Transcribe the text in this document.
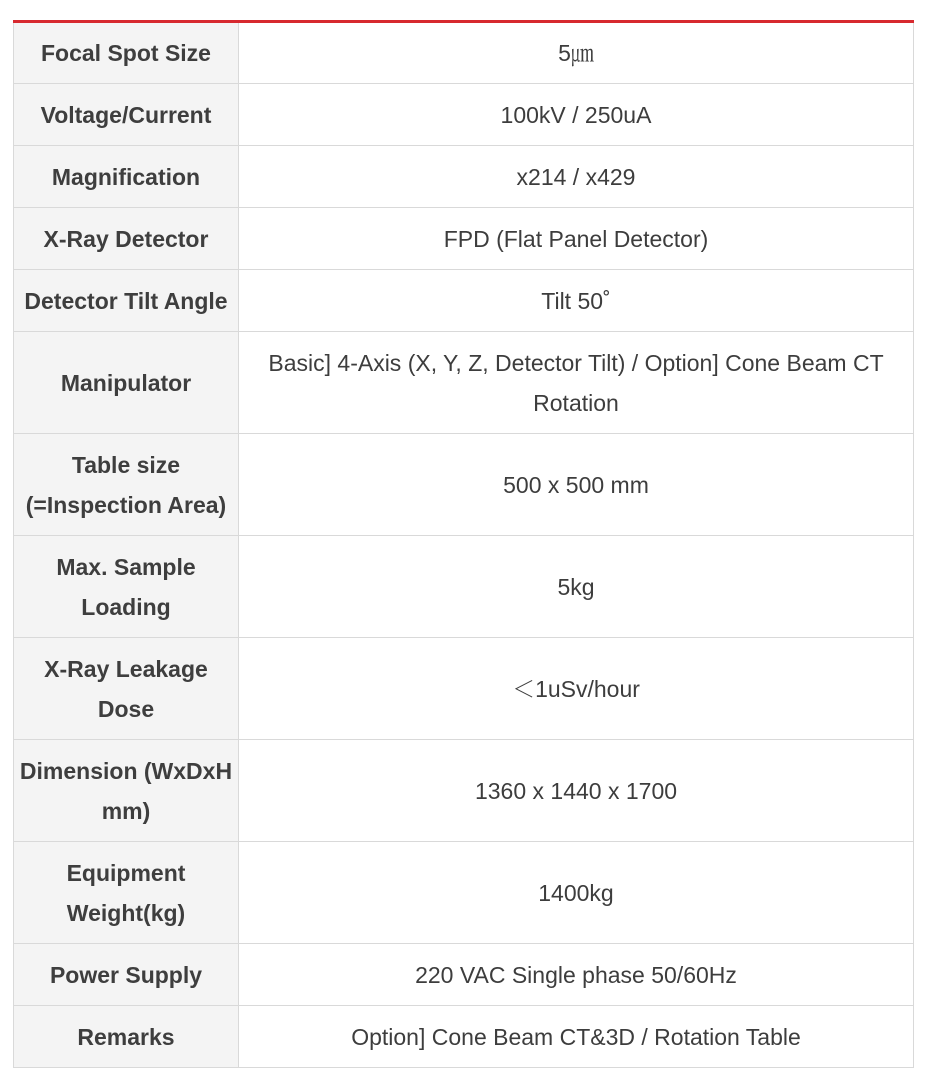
Focal Spot Size	5㎛
Voltage/Current	100kV / 250uA
Magnification	x214 / x429
X-Ray Detector	FPD (Flat Panel Detector)
Detector Tilt Angle	Tilt 50˚
Manipulator	Basic] 4-Axis (X, Y, Z, Detector Tilt) / Option] Cone Beam CT Rotation
Table size (=Inspection Area)	500 x 500 mm
Max. Sample Loading	5kg
X-Ray Leakage Dose	＜1uSv/hour
Dimension (WxDxH mm)	1360 x 1440 x 1700
Equipment Weight(kg)	1400kg
Power Supply	220 VAC Single phase 50/60Hz
Remarks	Option] Cone Beam CT&3D / Rotation Table
